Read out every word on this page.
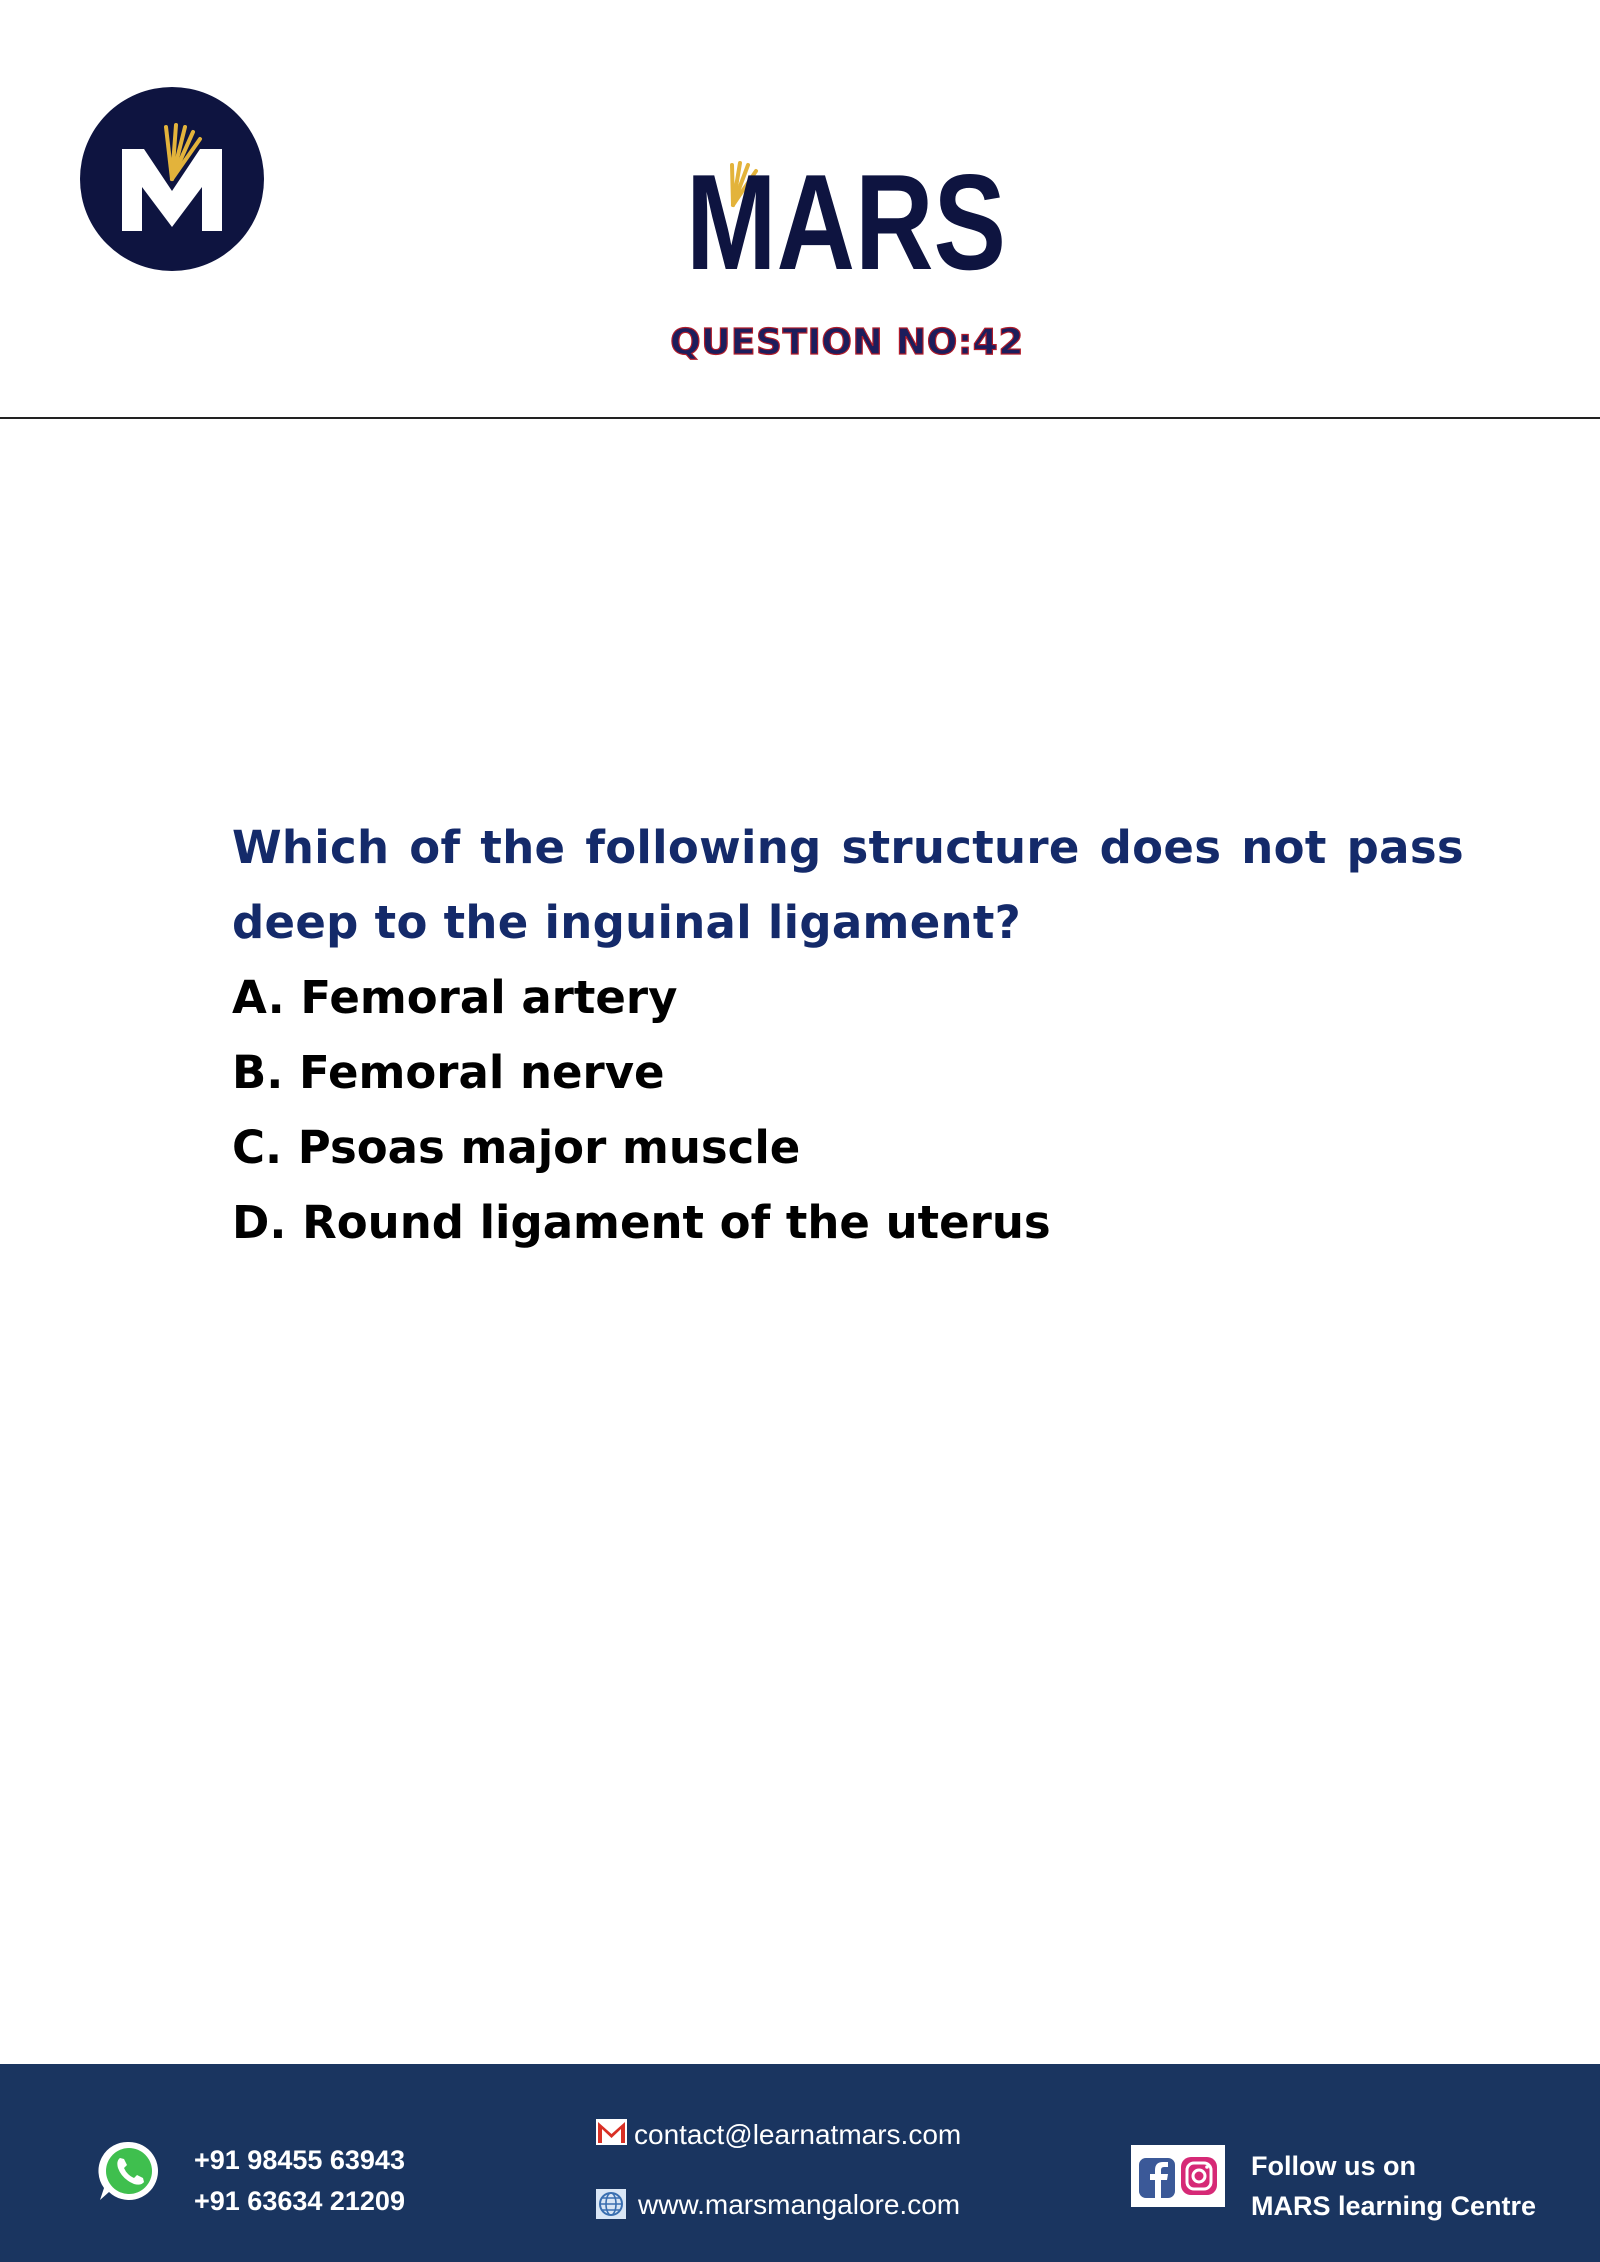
MARS
QUESTION NO:42

Which of the following structure does not pass deep to the inguinal ligament?

A. Femoral artery

B. Femoral nerve

C. Psoas major muscle

D. Round ligament of the uterus

+91 98455 63943
+91 63634 21209
contact@learnatmars.com
www.marsmangalore.com
Follow us on
MARS learning Centre
